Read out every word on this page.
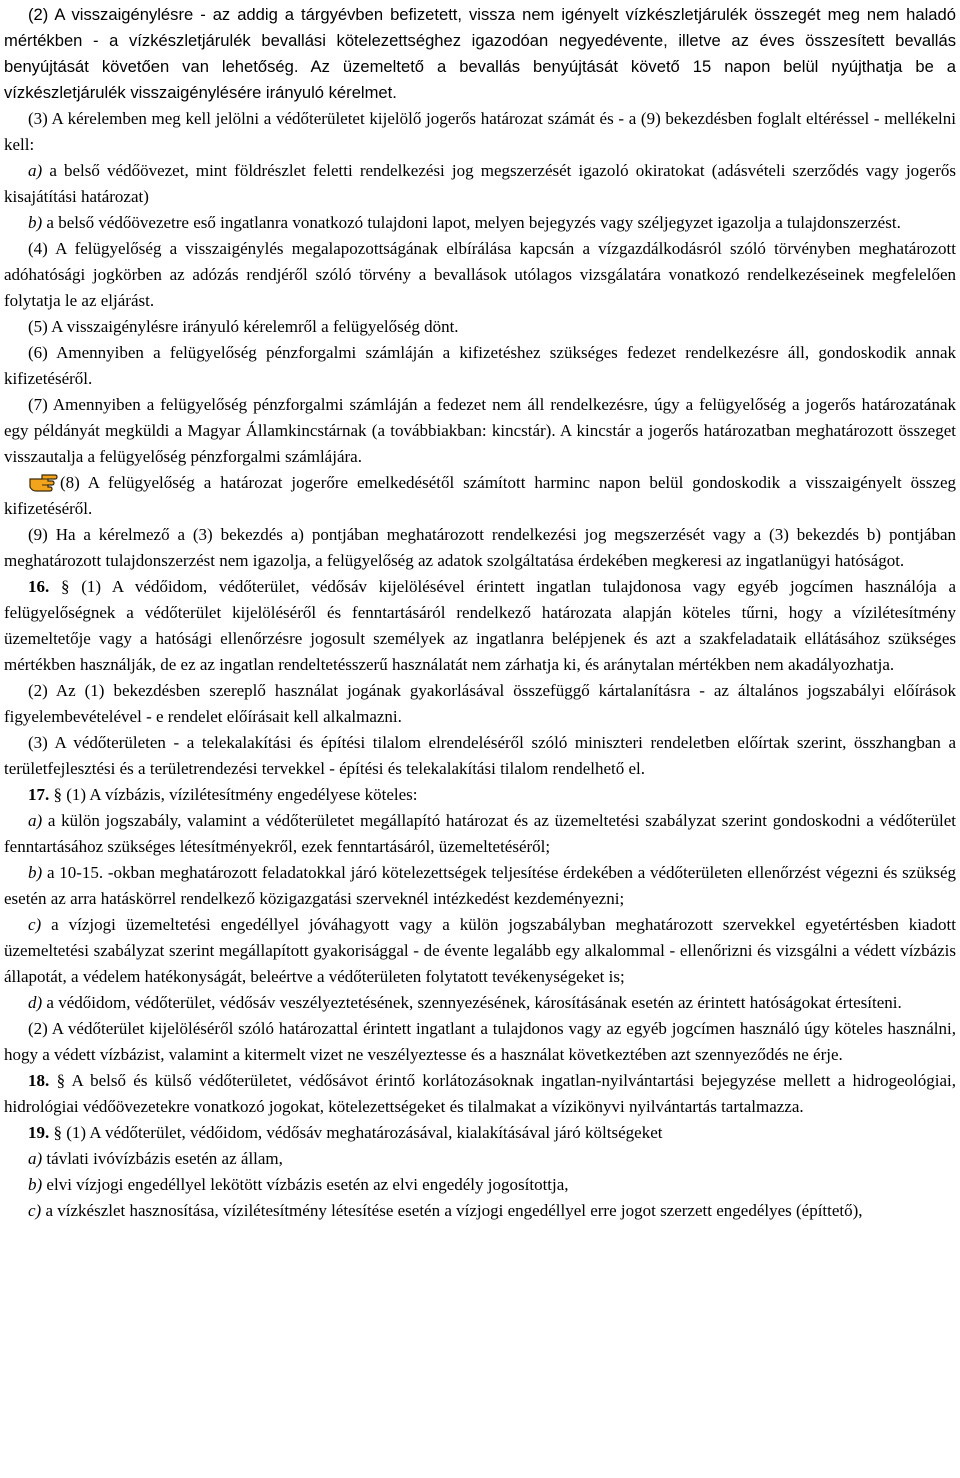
(2) A visszaigénylésre - az addig a tárgyévben befizetett, vissza nem igényelt vízkészletjárulék összegét meg nem haladó mértékben - a vízkészletjárulék bevallási kötelezettséghez igazodóan negyedévente, illetve az éves összesített bevallás benyújtását követően van lehetőség. Az üzemeltető a bevallás benyújtását követő 15 napon belül nyújthatja be a vízkészletjárulék visszaigénylésére irányuló kérelmet.

(3) A kérelemben meg kell jelölni a védőterületet kijelölő jogerős határozat számát és - a (9) bekezdésben foglalt eltéréssel - mellékelni kell:

a) a belső védőövezet, mint földrészlet feletti rendelkezési jog megszerzését igazoló okiratokat (adásvételi szerződés vagy jogerős kisajátítási határozat)

b) a belső védőövezetre eső ingatlanra vonatkozó tulajdoni lapot, melyen bejegyzés vagy széljegyzet igazolja a tulajdonszerzést.

(4) A felügyelőség a visszaigénylés megalapozottságának elbírálása kapcsán a vízgazdálkodásról szóló törvényben meghatározott adóhatósági jogkörben az adózás rendjéről szóló törvény a bevallások utólagos vizsgálatára vonatkozó rendelkezéseinek megfelelően folytatja le az eljárást.

(5) A visszaigénylésre irányuló kérelemről a felügyelőség dönt.

(6) Amennyiben a felügyelőség pénzforgalmi számláján a kifizetéshez szükséges fedezet rendelkezésre áll, gondoskodik annak kifizetéséről.

(7) Amennyiben a felügyelőség pénzforgalmi számláján a fedezet nem áll rendelkezésre, úgy a felügyelőség a jogerős határozatának egy példányát megküldi a Magyar Államkincstárnak (a továbbiakban: kincstár). A kincstár a jogerős határozatban meghatározott összeget visszautalja a felügyelőség pénzforgalmi számlájára.

(8) A felügyelőség a határozat jogerőre emelkedésétől számított harminc napon belül gondoskodik a visszaigényelt összeg kifizetéséről.

(9) Ha a kérelmező a (3) bekezdés a) pontjában meghatározott rendelkezési jog megszerzését vagy a (3) bekezdés b) pontjában meghatározott tulajdonszerzést nem igazolja, a felügyelőség az adatok szolgáltatása érdekében megkeresi az ingatlanügyi hatóságot.

16. § (1) A védőidom, védőterület, védősáv kijelölésével érintett ingatlan tulajdonosa vagy egyéb jogcímen használója a felügyelőségnek a védőterület kijelöléséről és fenntartásáról rendelkező határozata alapján köteles tűrni, hogy a vízilétesítmény üzemeltetője vagy a hatósági ellenőrzésre jogosult személyek az ingatlanra belépjenek és azt a szakfeladataik ellátásához szükséges mértékben használják, de ez az ingatlan rendeltetésszerű használatát nem zárhatja ki, és aránytalan mértékben nem akadályozhatja.

(2) Az (1) bekezdésben szereplő használat jogának gyakorlásával összefüggő kártalanításra - az általános jogszabályi előírások figyelembevételével - e rendelet előírásait kell alkalmazni.

(3) A védőterületen - a telekalakítási és építési tilalom elrendeléséről szóló miniszteri rendeletben előírtak szerint, összhangban a területfejlesztési és a területrendezési tervekkel - építési és telekalakítási tilalom rendelhető el.

17. § (1) A vízbázis, vízilétesítmény engedélyese köteles:

a) a külön jogszabály, valamint a védőterületet megállapító határozat és az üzemeltetési szabályzat szerint gondoskodni a védőterület fenntartásához szükséges létesítményekről, ezek fenntartásáról, üzemeltetéséről;

b) a 10-15. -okban meghatározott feladatokkal járó kötelezettségek teljesítése érdekében a védőterületen ellenőrzést végezni és szükség esetén az arra hatáskörrel rendelkező közigazgatási szerveknél intézkedést kezdeményezni;

c) a vízjogi üzemeltetési engedéllyel jóváhagyott vagy a külön jogszabályban meghatározott szervekkel egyetértésben kiadott üzemeltetési szabályzat szerint megállapított gyakorisággal - de évente legalább egy alkalommal - ellenőrizni és vizsgálni a védett vízbázis állapotát, a védelem hatékonyságát, beleértve a védőterületen folytatott tevékenységeket is;

d) a védőidom, védőterület, védősáv veszélyeztetésének, szennyezésének, károsításának esetén az érintett hatóságokat értesíteni.

(2) A védőterület kijelöléséről szóló határozattal érintett ingatlant a tulajdonos vagy az egyéb jogcímen használó úgy köteles használni, hogy a védett vízbázist, valamint a kitermelt vizet ne veszélyeztesse és a használat következtében azt szennyeződés ne érje.

18. § A belső és külső védőterületet, védősávot érintő korlátozásoknak ingatlan-nyilvántartási bejegyzése mellett a hidrogeológiai, hidrológiai védőövezetekre vonatkozó jogokat, kötelezettségeket és tilalmakat a vízikönyvi nyilvántartás tartalmazza.

19. § (1) A védőterület, védőidom, védősáv meghatározásával, kialakításával járó költségeket

a) távlati ivóvízbázis esetén az állam,

b) elvi vízjogi engedéllyel lekötött vízbázis esetén az elvi engedély jogosítottja,

c) a vízkészlet hasznosítása, vízilétesítmény létesítése esetén a vízjogi engedéllyel erre jogot szerzett engedélyes (építtető),
